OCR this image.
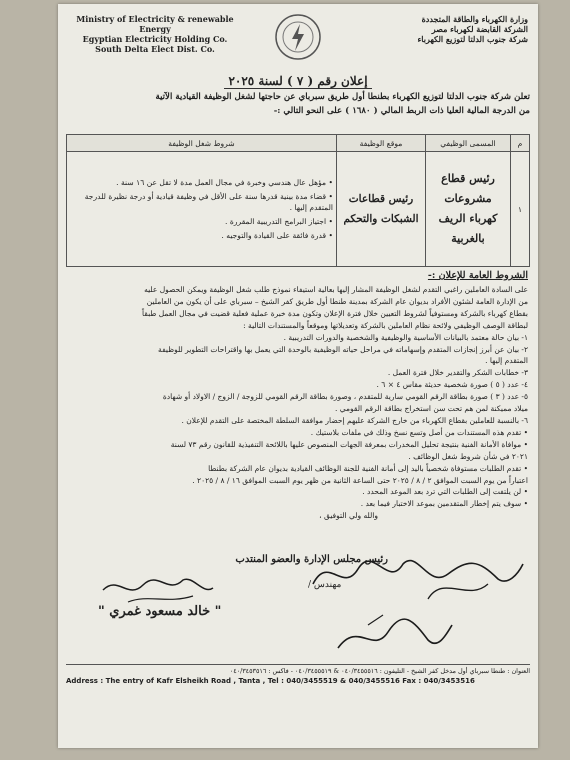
Ministry of Electricity & renewable Energy
Egyptian Electricity Holding Co.
South Delta Elect Dist. Co.
وزارة الكهرباء والطاقة المتجددة
الشركة القابضة لكهرباء مصر
شركة جنوب الدلتا لتوزيع الكهرباء
إعلان رقم ( ٧ ) لسنة ٢٠٢٥
تعلن شركة جنوب الدلتا لتوزيع الكهرباء بطنطا أول طريق سبرباي عن حاجتها لشغل الوظيفة القيادية الآتية
من الدرجة المالية العليا ذات الربط المالي ( ١٦٨٠ ) على النحو التالي :-
م	المسمى الوظيفي	موقع الوظيفة	شروط شغل الوظيفة
١	رئيس قطاع مشروعات كهرباء الريف بالغربية	رئيس قطاعات الشبكات والتحكم	• مؤهل عال هندسي وخبرة في مجال العمل مدة لا تقل عن ١٦ سنة .
• قضاء مدة بينية قدرها سنة على الأقل في وظيفة قيادية أو درجة نظيرة للدرجة المتقدم إليها .
• اجتياز البرامج التدريبية المقررة .
• قدرة فائقة على القيادة والتوجيه .
الشروط العامة للإعلان :-

على السادة العاملين راغبي التقدم لشغل الوظيفة المشار إليها بعالية استيفاء نموذج طلب شغل الوظيفة ويمكن الحصول عليه

من الإدارة العامة لشئون الأفراد بديوان عام الشركة بمدينة طنطا أول طريق كفر الشيخ – سبرباي على أن يكون من العاملين

بقطاع كهرباء بالشركة ومستوفياً لشروط التعيين خلال فترة الإعلان وتكون مدة خبرة عملية فعلية قضيت في مجال العمل طبقاً

لبطاقة الوصف الوظيفي ولائحة نظام العاملين بالشركة وتعديلاتها وموقعاً والمستندات التالية :

١- بيان حالة معتمد بالبيانات الأساسية والوظيفية والشخصية والدورات التدريبية .

٢- بيان عن أبرز إنجازات المتقدم وإسهاماته في مراحل حياته الوظيفية بالوحدة التي يعمل بها واقتراحات التطوير للوظيفة

المتقدم إليها .

٣- خطابات الشكر والتقدير خلال فترة العمل .

٤- عدد ( ٥ ) صورة شخصية حديثة مقاس ٤ × ٦ .

٥- عدد ( ٣ ) صورة بطاقة الرقم القومي سارية للمتقدم ، وصورة بطاقة الرقم القومي للزوجة / الزوج / الاولاد أو شهادة

ميلاد مميكنة لمن هم تحت سن استخراج بطاقة الرقم القومي .

٦- بالنسبة للعاملين بقطاع الكهرباء من خارج الشركة عليهم إحضار موافقة السلطة المختصة على التقدم للإعلان .

• تقدم هذه المستندات من أصل وتسع نسخ وذلك في ملفات بلاستيك .

• موافاة الأمانة الفنية بنتيجة تحليل المخدرات بمعرفة الجهات المنصوص عليها باللائحة التنفيذية للقانون رقم ٧٣ لسنة

٢٠٢١ في شأن شروط شغل الوظائف .

• تقدم الطلبات مستوفاة شخصياً باليد إلى أمانة الفنية للجنة الوظائف القيادية بديوان عام الشركة بطنطا

اعتباراً من يوم السبت الموافق ٢ / ٨ / ٢٠٢٥ حتى الساعة الثانية من ظهر يوم السبت الموافق ١٦ / ٨ / ٢٠٢٥ .

• لن يلتفت إلى الطلبات التي ترد بعد الموعد المحدد .

• سوف يتم إخطار المتقدمين بموعد الاختبار فيما بعد .

والله ولي التوفيق ،

رئيس مجلس الإدارة والعضو المنتدب
مهندس /
" خالد مسعود غمري "
العنوان : طنطا سبرباي أول مدخل كفر الشيخ - التليفون : ٠٤٠/٣٤٥٥٥١٦ & ٠٤٠/٣٤٥٥٥١٩ - فاكس : ٠٤٠/٣٤٥٣٥١٦
Address : The entry of Kafr Elsheikh Road , Tanta , Tel : 040/3455519 & 040/3455516 Fax : 040/3453516
